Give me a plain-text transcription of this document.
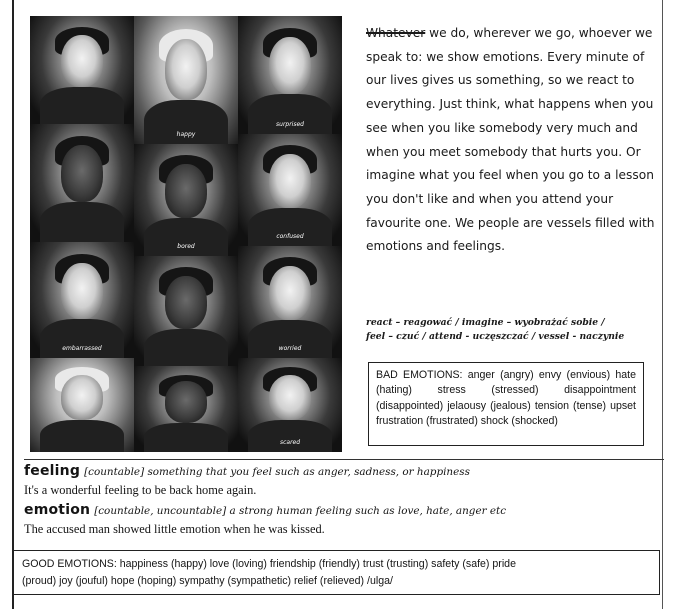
happy
surprised
bored
confused
embarrassed	worried
scared

Whatever we do, wherever we go, whoever we speak to: we show emotions. Every minute of our lives gives us something, so we react to everything. Just think, what happens when you see when you like somebody very much and when you meet somebody that hurts you. Or imagine what you feel when you go to a lesson you don't like and when you attend your favourite one. We people are vessels filled with emotions and feelings.

react – reagować / imagine – wyobrażać sobie /
feel – czuć / attend - uczęszczać / vessel - naczynie

BAD EMOTIONS: anger (angry) envy (envious) hate (hating) stress (stressed) disappointment (disappointed) jelaousy (jealous) tension (tense) upset frustration (frustrated) shock (shocked)

feeling [countable] something that you feel such as anger, sadness, or happiness

It's a wonderful feeling to be back home again.

emotion [countable, uncountable] a strong human feeling such as love, hate, anger etc

The accused man showed little emotion when he was kissed.

GOOD EMOTIONS: happiness (happy) love (loving) friendship (friendly) trust (trusting) safety (safe) pride

(proud) joy (jouful) hope (hoping) sympathy (sympathetic) relief (relieved) /ulga/
